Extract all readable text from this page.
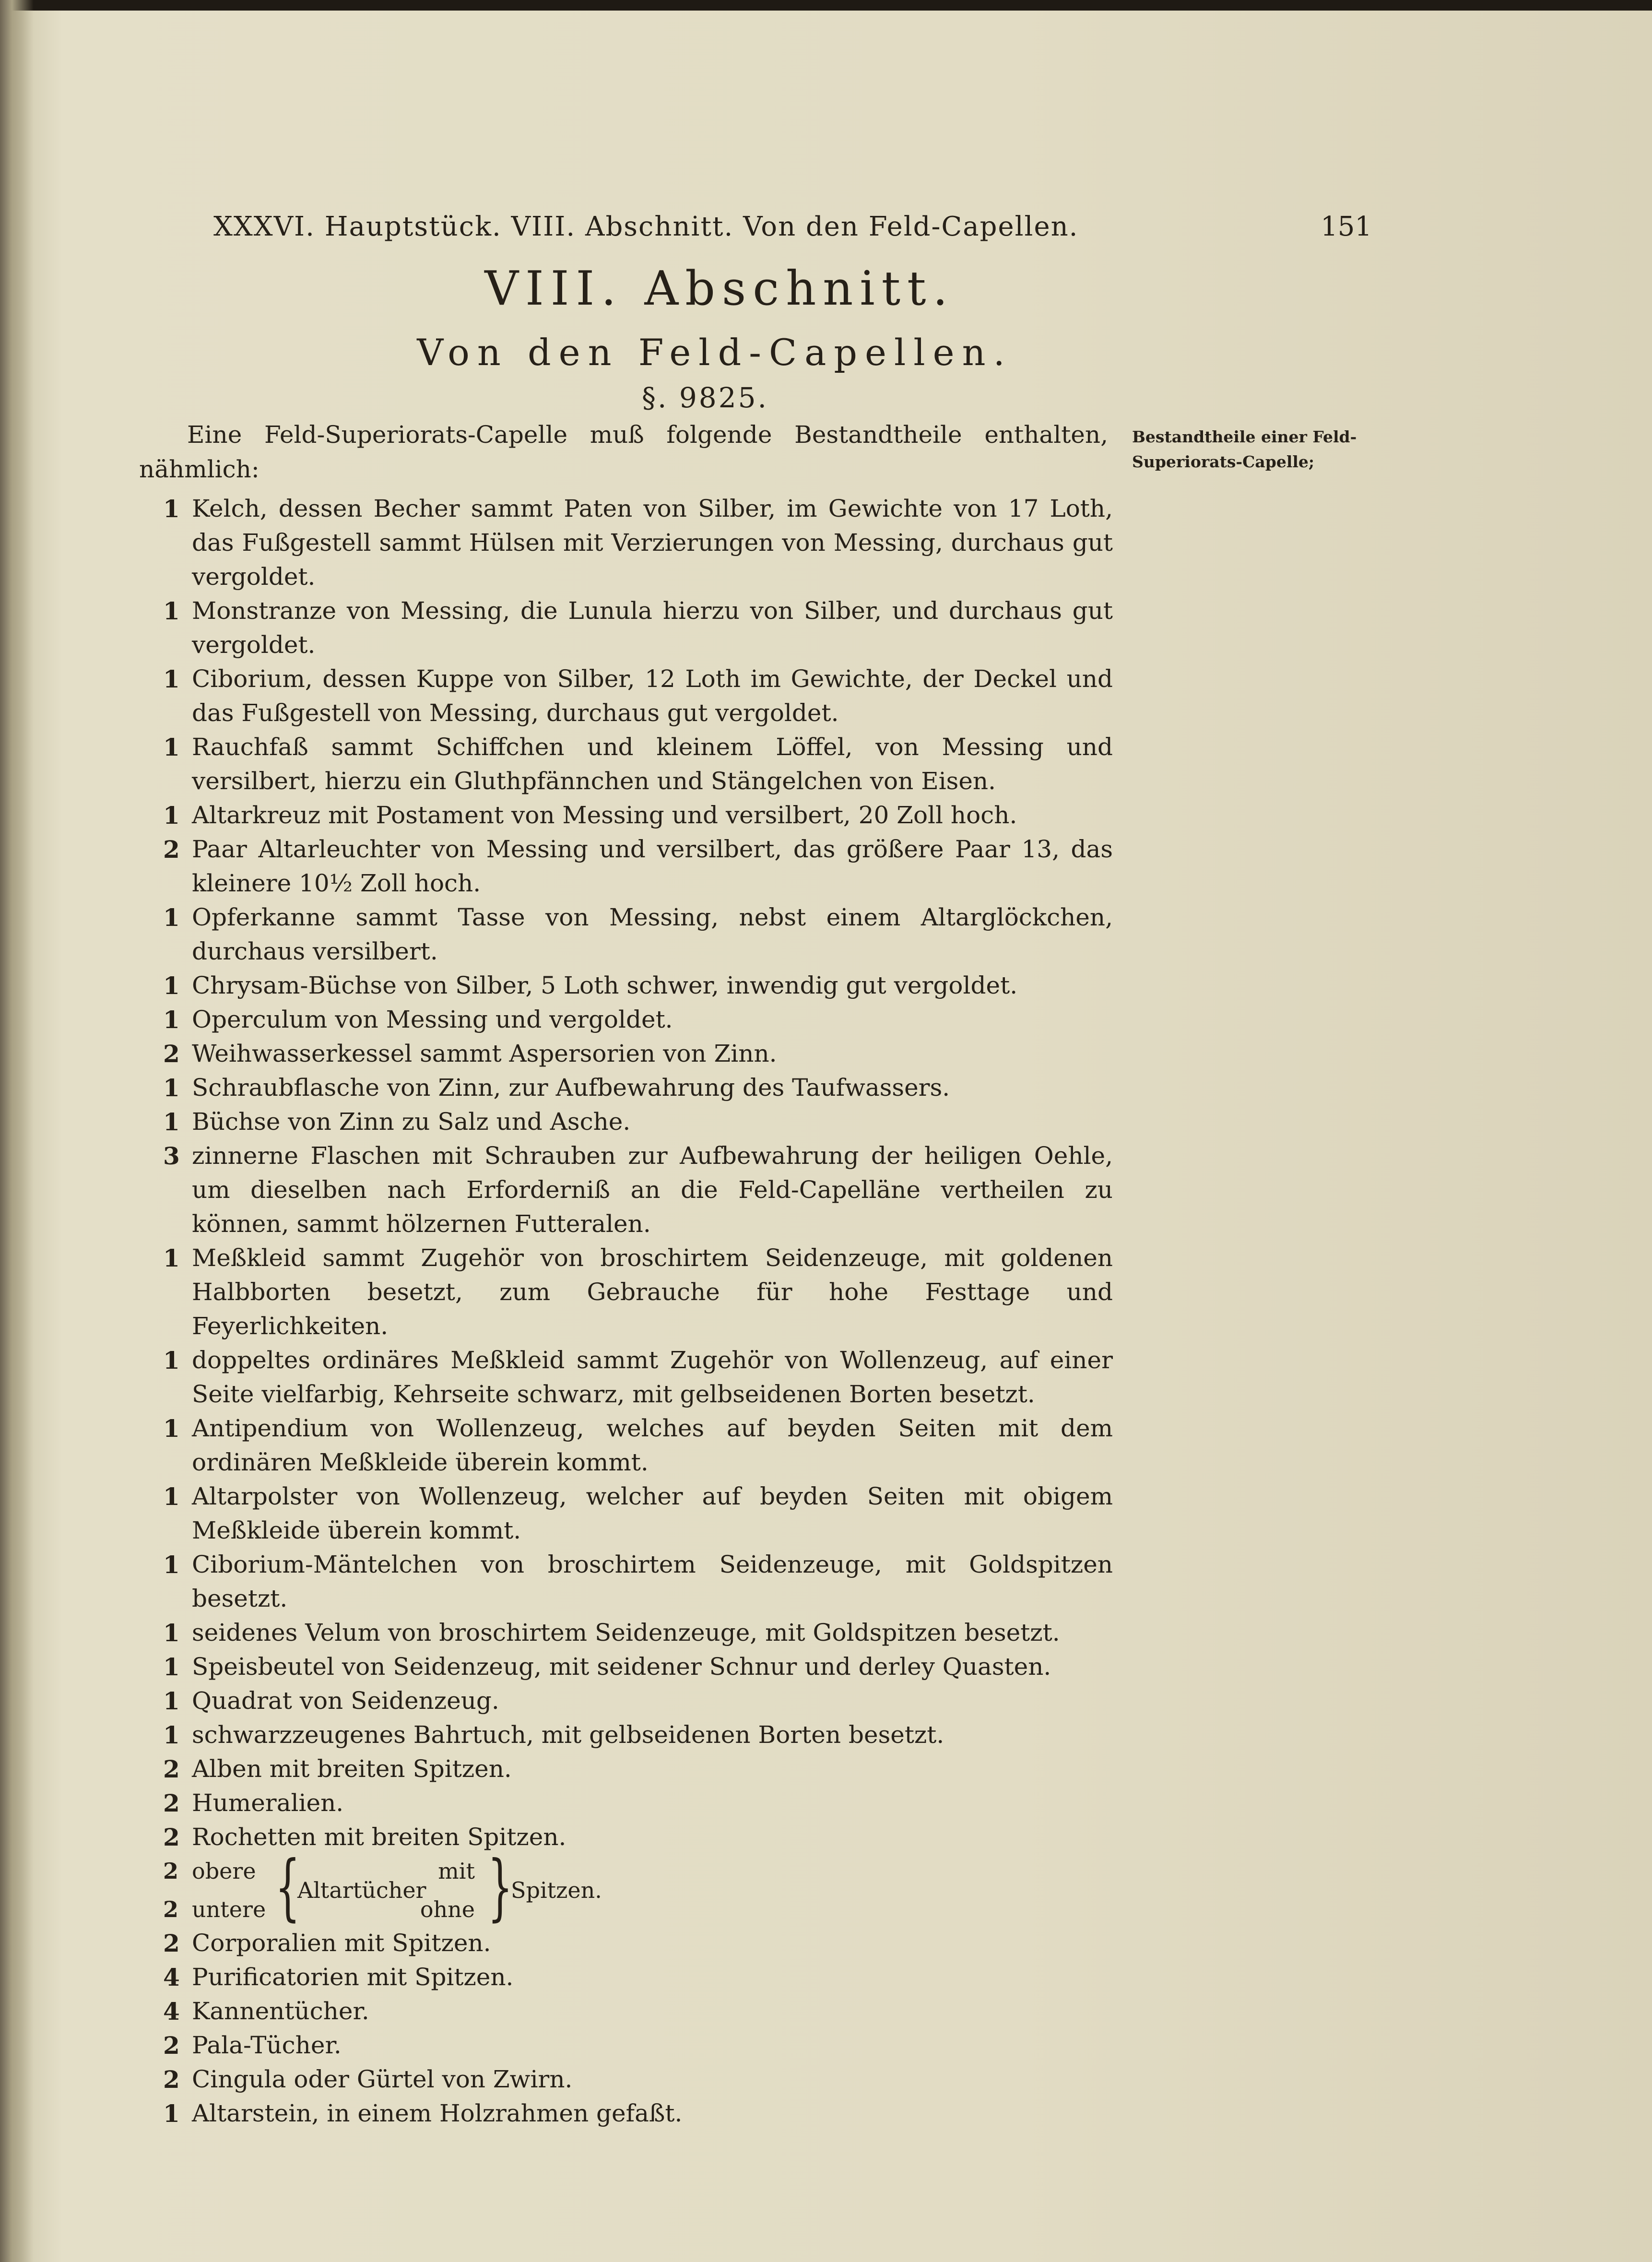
XXXVI. Hauptstück. VIII. Abschnitt. Von den Feld-Capellen.	151
VIII. Abschnitt.
Von den Feld-Capellen.
§. 9825.
Eine Feld-Superiorats-Capelle muß folgende Bestandtheile enthalten, nähmlich:
Bestandtheile einer Feld-Superiorats-Capelle;
1 Kelch, dessen Becher sammt Paten von Silber, im Gewichte von 17 Loth, das Fußgestell sammt Hülsen mit Verzierungen von Messing, durchaus gut vergoldet.
1 Monstranze von Messing, die Lunula hierzu von Silber, und durchaus gut vergoldet.
1 Ciborium, dessen Kuppe von Silber, 12 Loth im Gewichte, der Deckel und das Fußgestell von Messing, durchaus gut vergoldet.
1 Rauchfaß sammt Schiffchen und kleinem Löffel, von Messing und versilbert, hierzu ein Gluthpfännchen und Stängelchen von Eisen.
1 Altarkreuz mit Postament von Messing und versilbert, 20 Zoll hoch.
2 Paar Altarleuchter von Messing und versilbert, das größere Paar 13, das kleinere 10½ Zoll hoch.
1 Opferkanne sammt Tasse von Messing, nebst einem Altarglöckchen, durchaus versilbert.
1 Chrysam-Büchse von Silber, 5 Loth schwer, inwendig gut vergoldet.
1 Operculum von Messing und vergoldet.
2 Weihwasserkessel sammt Aspersorien von Zinn.
1 Schraubflasche von Zinn, zur Aufbewahrung des Taufwassers.
1 Büchse von Zinn zu Salz und Asche.
3 zinnerne Flaschen mit Schrauben zur Aufbewahrung der heiligen Oehle, um dieselben nach Erforderniß an die Feld-Capelläne vertheilen zu können, sammt hölzernen Futteralen.
1 Meßkleid sammt Zugehör von broschirtem Seidenzeuge, mit goldenen Halbborten besetzt, zum Gebrauche für hohe Festtage und Feyerlichkeiten.
1 doppeltes ordinäres Meßkleid sammt Zugehör von Wollenzeug, auf einer Seite vielfarbig, Kehrseite schwarz, mit gelbseidenen Borten besetzt.
1 Antipendium von Wollenzeug, welches auf beyden Seiten mit dem ordinären Meßkleide überein kommt.
1 Altarpolster von Wollenzeug, welcher auf beyden Seiten mit obigem Meßkleide überein kommt.
1 Ciborium-Mäntelchen von broschirtem Seidenzeuge, mit Goldspitzen besetzt.
1 seidenes Velum von broschirtem Seidenzeuge, mit Goldspitzen besetzt.
1 Speisbeutel von Seidenzeug, mit seidener Schnur und derley Quasten.
1 Quadrat von Seidenzeug.
1 schwarzzeugenes Bahrtuch, mit gelbseidenen Borten besetzt.
2 Alben mit breiten Spitzen.
2 Humeralien.
2 Rochetten mit breiten Spitzen.
2 obere
2 untere {
Altartücher
mit
ohne }
Spitzen.
2 Corporalien mit Spitzen.
4 Purificatorien mit Spitzen.
4 Kannentücher.
2 Pala-Tücher.
2 Cingula oder Gürtel von Zwirn.
1 Altarstein, in einem Holzrahmen gefaßt.
